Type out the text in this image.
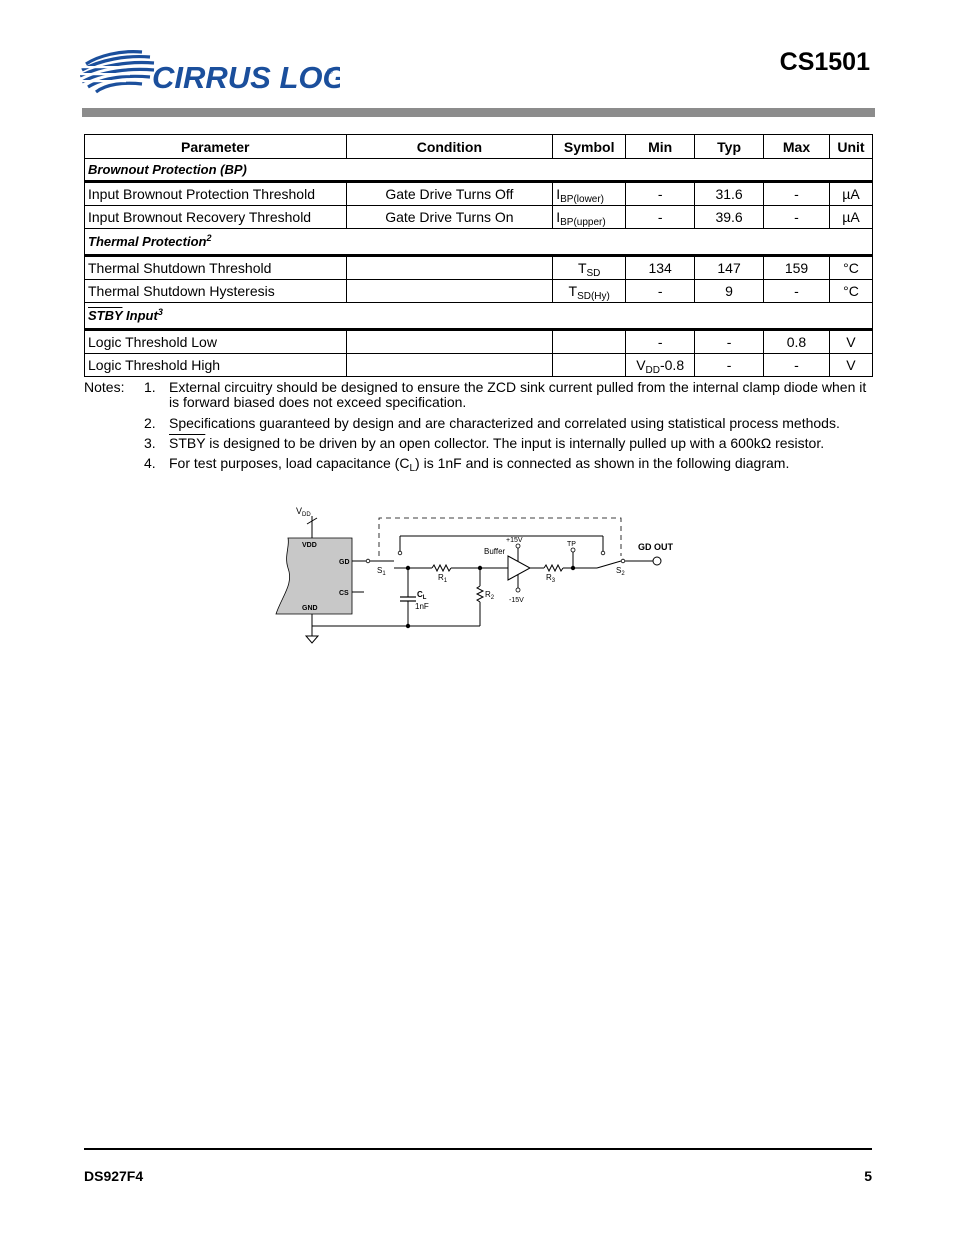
CIRRUS LO ®	CS1501
Parameter	Condition	Symbol	Min	Typ	Max	Unit
Brownout Protection (BP)						
Input Brownout Protection Threshold	Gate Drive Turns Off	$I_{BP(lower)}$	-	31.6	-	µA
Input Brownout Recovery Threshold	Gate Drive Turns On	$I_{BP(upper)}$	-	39.6	-	µA
Thermal Protection$^2$
Thermal Shutdown Threshold		$T_{SD}$	134	147	159	°C
Thermal Shutdown Hysteresis		$T_{SD(Hy)}$	-	9	-	°C
STBY Input$^3$
Logic Threshold Low			-	-	0.8	V
Logic Threshold High			$V_{DD}-0.8$	-	-	V
Notes: 1. External circuitry should be designed to ensure the ZCD sink current pulled from the internal clamp diode when it is forward biased does not exceed specification.
2. Specifications guaranteed by design and are characterized and correlated using statistical process methods.
3. STBY is designed to be driven by an open collector. The input is internally pulled up with a 600kΩ resistor.
4. For test purposes, load capacitance $(C_L)$ is 1nF and is connected as shown in the following diagram.
$V_{DD}$
VDD
GD
CS
GND
$S_1$	$R_1$
$C_L$
1nF
$R_2$
Buffer
+15V
-15V
$R_3$
TP
$S_2$
GD OUT
DS927F4	5
